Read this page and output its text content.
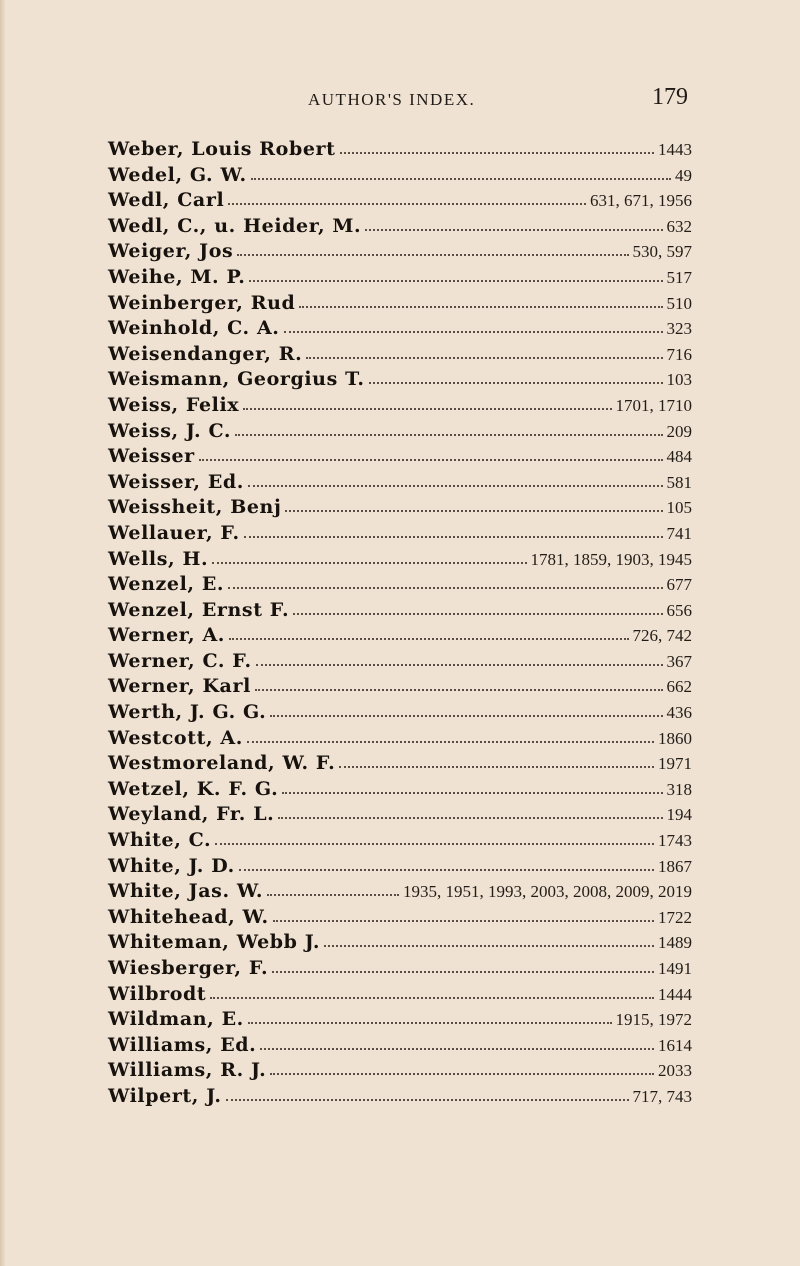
AUTHOR'S INDEX.	179
Weber, Louis Robert	1443
Wedel, G. W.	49
Wedl, Carl	631, 671, 1956
Wedl, C., u. Heider, M.	632
Weiger, Jos	530, 597
Weihe, M. P.	517
Weinberger, Rud	510
Weinhold, C. A.	323
Weisendanger, R.	716
Weismann, Georgius T.	103
Weiss, Felix	1701, 1710
Weiss, J. C.	209
Weisser	484
Weisser, Ed.	581
Weissheit, Benj	105
Wellauer, F.	741
Wells, H.	1781, 1859, 1903, 1945
Wenzel, E.	677
Wenzel, Ernst F.	656
Werner, A.	726, 742
Werner, C. F.	367
Werner, Karl	662
Werth, J. G. G.	436
Westcott, A.	1860
Westmoreland, W. F.	1971
Wetzel, K. F. G.	318
Weyland, Fr. L.	194
White, C.	1743
White, J. D.	1867
White, Jas. W.	1935, 1951, 1993, 2003, 2008, 2009, 2019
Whitehead, W.	1722
Whiteman, Webb J.	1489
Wiesberger, F.	1491
Wilbrodt	1444
Wildman, E.	1915, 1972
Williams, Ed.	1614
Williams, R. J.	2033
Wilpert, J.	717, 743
